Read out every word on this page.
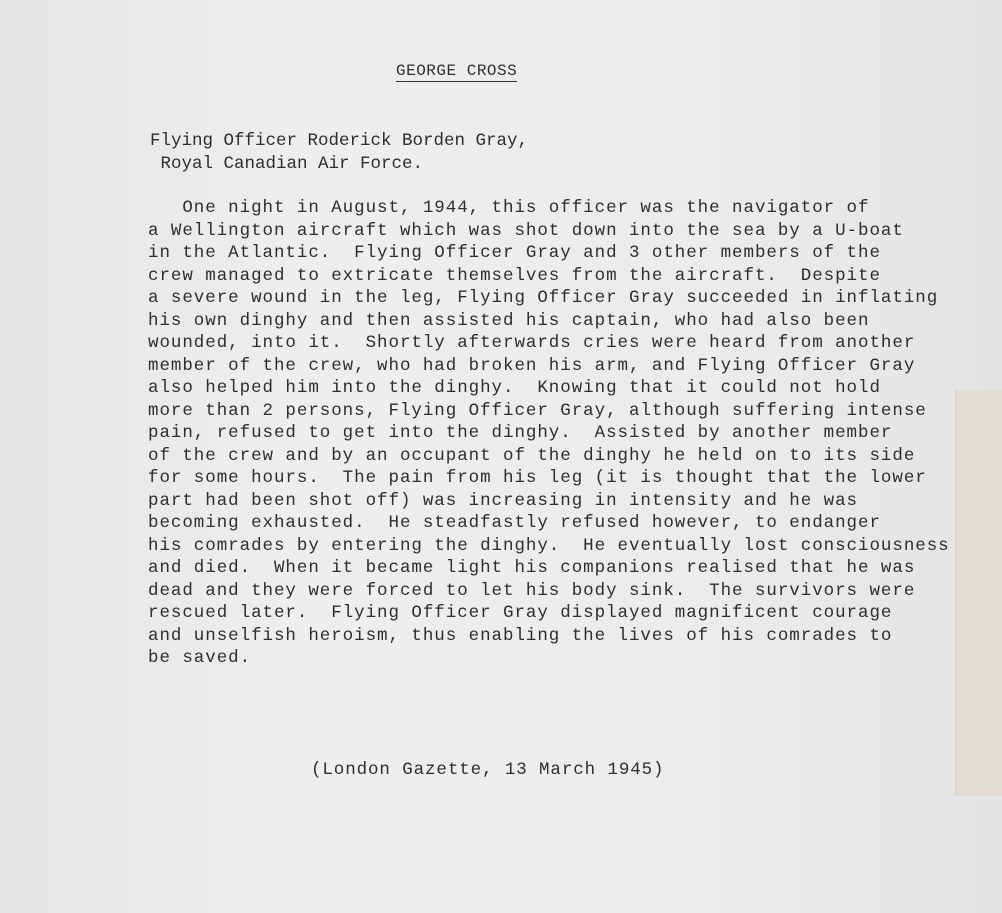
GEORGE CROSS
Flying Officer Roderick Borden Gray,
Royal Canadian Air Force.
One night in August, 1944, this officer was the navigator of
a Wellington aircraft which was shot down into the sea by a U-boat
in the Atlantic.  Flying Officer Gray and 3 other members of the
crew managed to extricate themselves from the aircraft.  Despite
a severe wound in the leg, Flying Officer Gray succeeded in inflating
his own dinghy and then assisted his captain, who had also been
wounded, into it.  Shortly afterwards cries were heard from another
member of the crew, who had broken his arm, and Flying Officer Gray
also helped him into the dinghy.  Knowing that it could not hold
more than 2 persons, Flying Officer Gray, although suffering intense
pain, refused to get into the dinghy.  Assisted by another member
of the crew and by an occupant of the dinghy he held on to its side
for some hours.  The pain from his leg (it is thought that the lower
part had been shot off) was increasing in intensity and he was
becoming exhausted.  He steadfastly refused however, to endanger
his comrades by entering the dinghy.  He eventually lost consciousness
and died.  When it became light his companions realised that he was
dead and they were forced to let his body sink.  The survivors were
rescued later.  Flying Officer Gray displayed magnificent courage
and unselfish heroism, thus enabling the lives of his comrades to
be saved.
(London Gazette, 13 March 1945)
